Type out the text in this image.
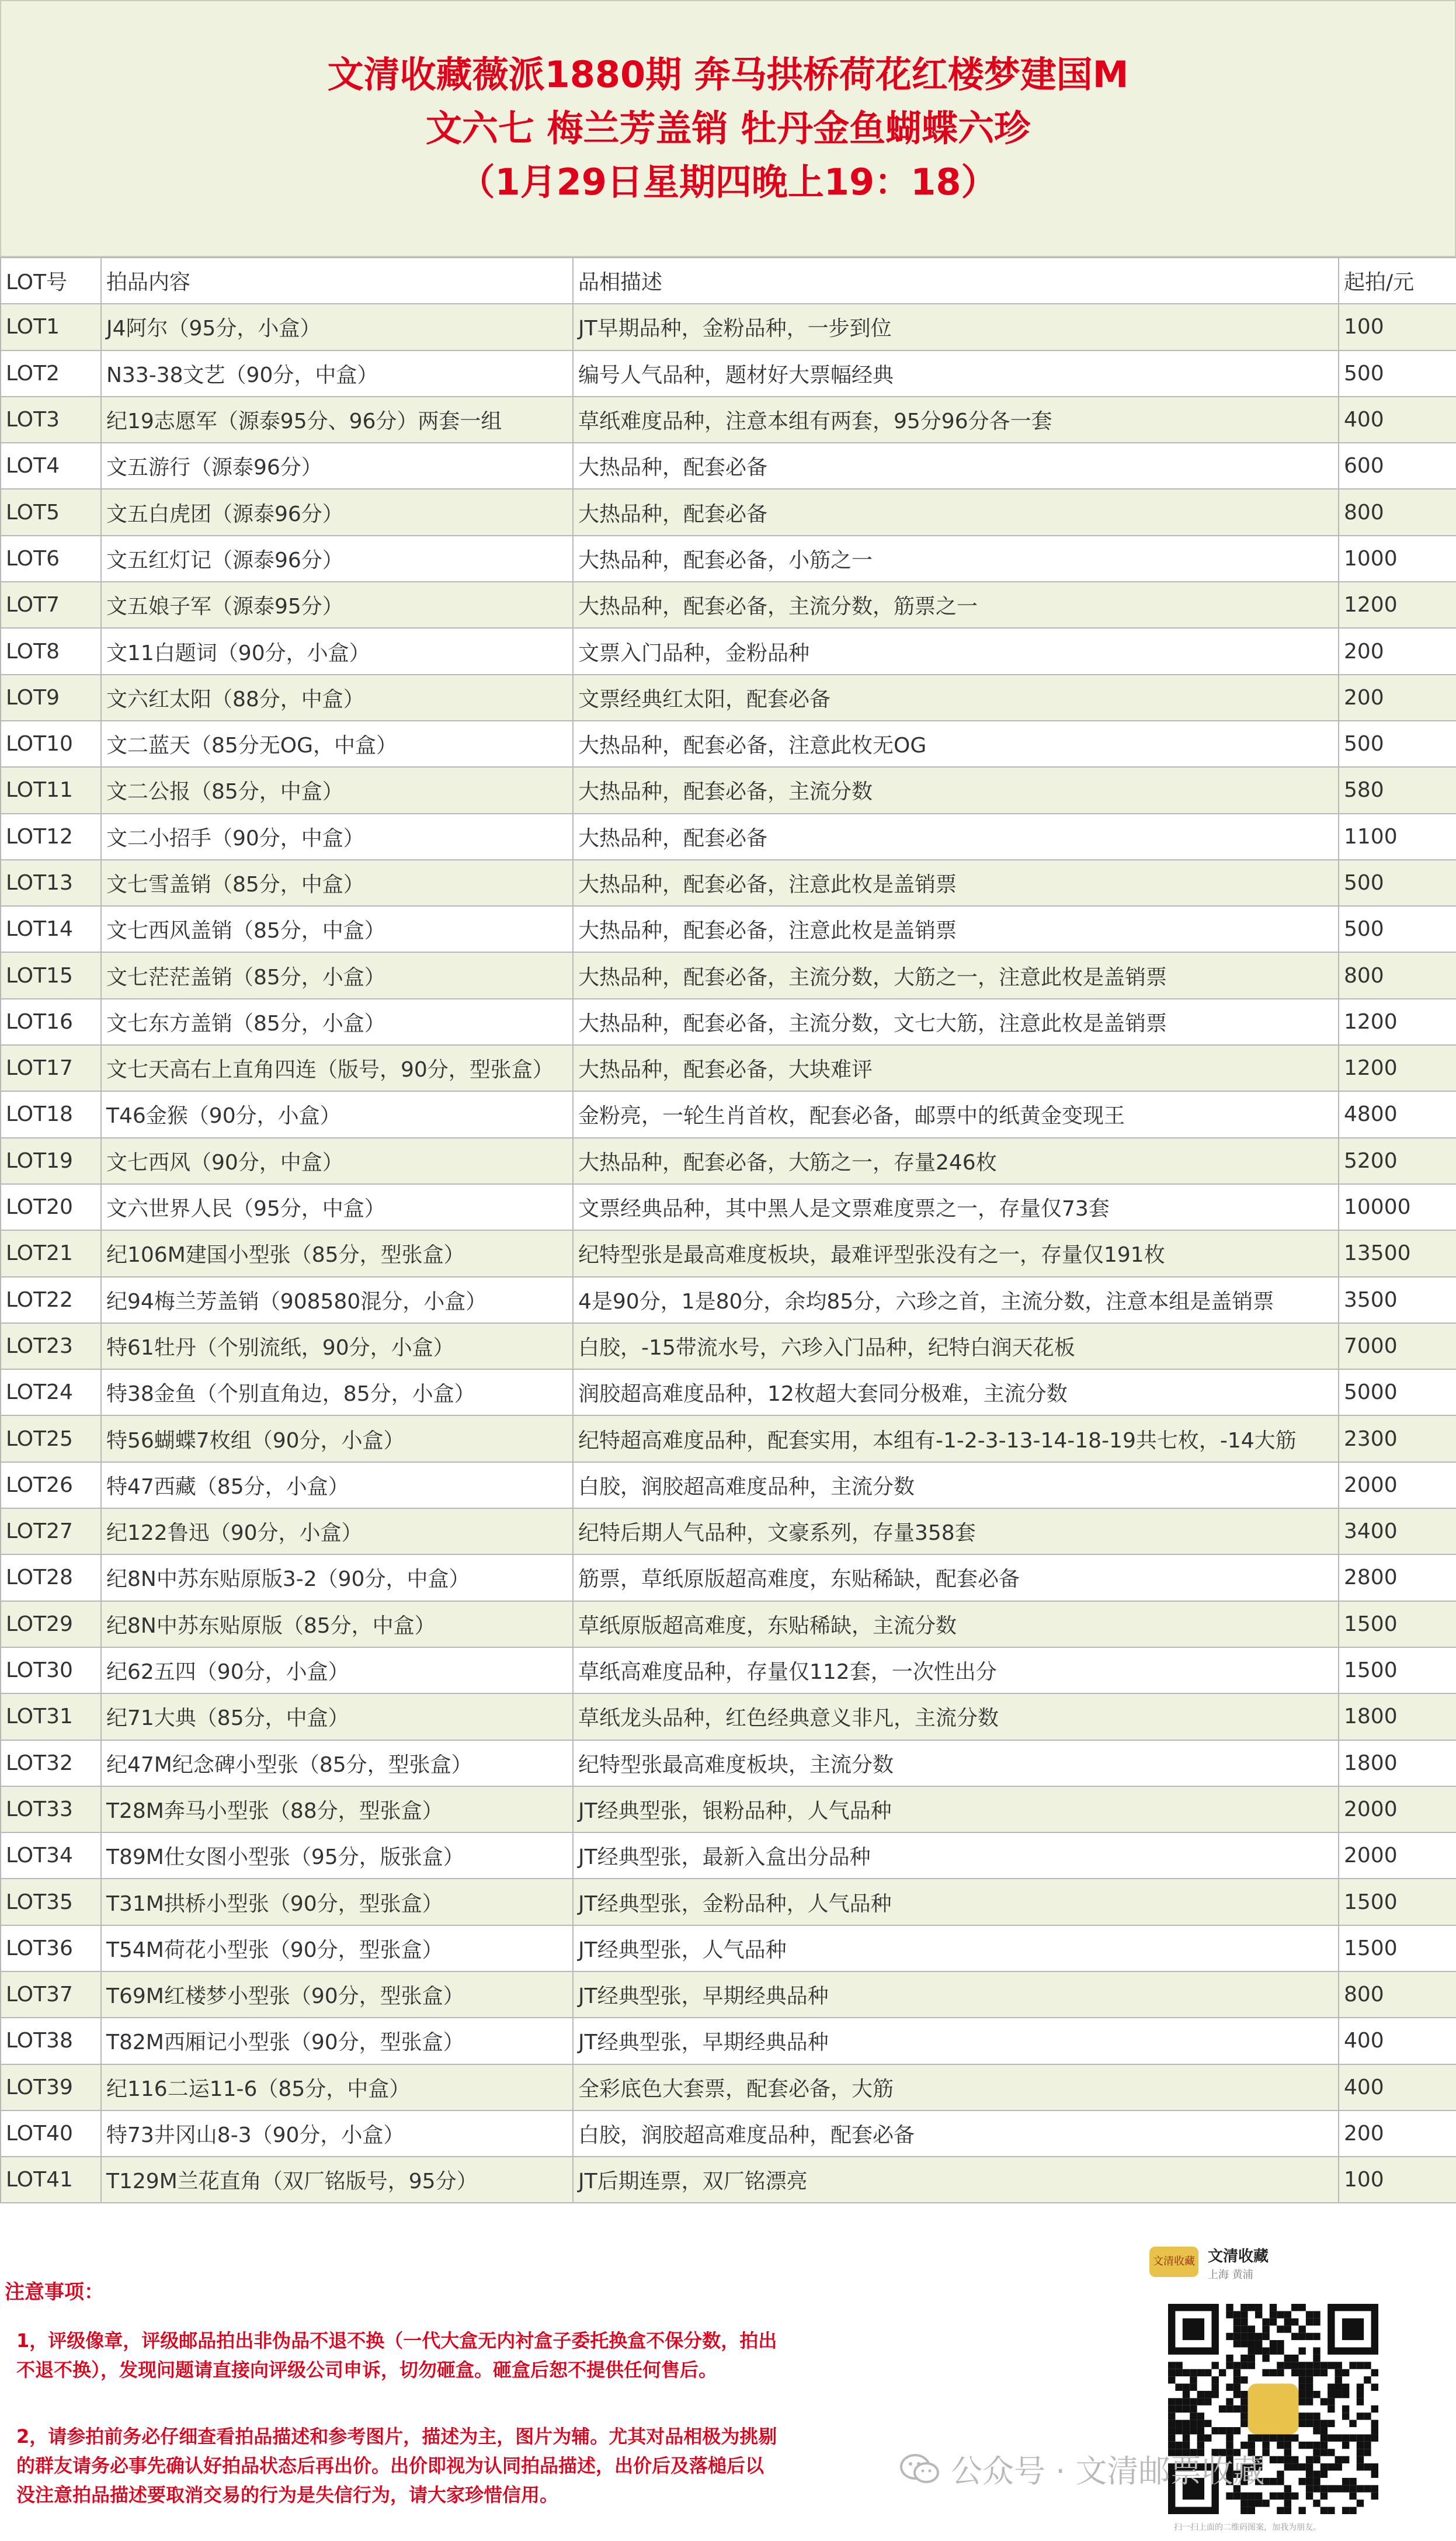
文清收藏薇派1880期 奔马拱桥荷花红楼梦建国M
文六七 梅兰芳盖销 牡丹金鱼蝴蝶六珍
（1月29日星期四晚上19：18）
LOT号	拍品内容	品相描述	起拍/元
LOT1	J4阿尔（95分，小盒）	JT早期品种，金粉品种，一步到位	100
LOT2	N33-38文艺（90分，中盒）	编号人气品种，题材好大票幅经典	500
LOT3	纪19志愿军（源泰95分、96分）两套一组	草纸难度品种，注意本组有两套，95分96分各一套	400
LOT4	文五游行（源泰96分）	大热品种，配套必备	600
LOT5	文五白虎团（源泰96分）	大热品种，配套必备	800
LOT6	文五红灯记（源泰96分）	大热品种，配套必备，小筋之一	1000
LOT7	文五娘子军（源泰95分）	大热品种，配套必备，主流分数，筋票之一	1200
LOT8	文11白题词（90分，小盒）	文票入门品种，金粉品种	200
LOT9	文六红太阳（88分，中盒）	文票经典红太阳，配套必备	200
LOT10	文二蓝天（85分无OG，中盒）	大热品种，配套必备，注意此枚无OG	500
LOT11	文二公报（85分，中盒）	大热品种，配套必备，主流分数	580
LOT12	文二小招手（90分，中盒）	大热品种，配套必备	1100
LOT13	文七雪盖销（85分，中盒）	大热品种，配套必备，注意此枚是盖销票	500
LOT14	文七西风盖销（85分，中盒）	大热品种，配套必备，注意此枚是盖销票	500
LOT15	文七茫茫盖销（85分，小盒）	大热品种，配套必备，主流分数，大筋之一，注意此枚是盖销票	800
LOT16	文七东方盖销（85分，小盒）	大热品种，配套必备，主流分数，文七大筋，注意此枚是盖销票	1200
LOT17	文七天高右上直角四连（版号，90分，型张盒）	大热品种，配套必备，大块难评	1200
LOT18	T46金猴（90分，小盒）	金粉亮，一轮生肖首枚，配套必备，邮票中的纸黄金变现王	4800
LOT19	文七西风（90分，中盒）	大热品种，配套必备，大筋之一，存量246枚	5200
LOT20	文六世界人民（95分，中盒）	文票经典品种，其中黑人是文票难度票之一，存量仅73套	10000
LOT21	纪106M建国小型张（85分，型张盒）	纪特型张是最高难度板块，最难评型张没有之一，存量仅191枚	13500
LOT22	纪94梅兰芳盖销（908580混分，小盒）	4是90分，1是80分，余均85分，六珍之首，主流分数，注意本组是盖销票	3500
LOT23	特61牡丹（个别流纸，90分，小盒）	白胶，-15带流水号，六珍入门品种，纪特白润天花板	7000
LOT24	特38金鱼（个别直角边，85分，小盒）	润胶超高难度品种，12枚超大套同分极难，主流分数	5000
LOT25	特56蝴蝶7枚组（90分，小盒）	纪特超高难度品种，配套实用，本组有-1-2-3-13-14-18-19共七枚，-14大筋	2300
LOT26	特47西藏（85分，小盒）	白胶，润胶超高难度品种，主流分数	2000
LOT27	纪122鲁迅（90分，小盒）	纪特后期人气品种，文豪系列，存量358套	3400
LOT28	纪8N中苏东贴原版3-2（90分，中盒）	筋票，草纸原版超高难度，东贴稀缺，配套必备	2800
LOT29	纪8N中苏东贴原版（85分，中盒）	草纸原版超高难度，东贴稀缺，主流分数	1500
LOT30	纪62五四（90分，小盒）	草纸高难度品种，存量仅112套，一次性出分	1500
LOT31	纪71大典（85分，中盒）	草纸龙头品种，红色经典意义非凡，主流分数	1800
LOT32	纪47M纪念碑小型张（85分，型张盒）	纪特型张最高难度板块，主流分数	1800
LOT33	T28M奔马小型张（88分，型张盒）	JT经典型张，银粉品种，人气品种	2000
LOT34	T89M仕女图小型张（95分，版张盒）	JT经典型张，最新入盒出分品种	2000
LOT35	T31M拱桥小型张（90分，型张盒）	JT经典型张，金粉品种，人气品种	1500
LOT36	T54M荷花小型张（90分，型张盒）	JT经典型张，人气品种	1500
LOT37	T69M红楼梦小型张（90分，型张盒）	JT经典型张，早期经典品种	800
LOT38	T82M西厢记小型张（90分，型张盒）	JT经典型张，早期经典品种	400
LOT39	纪116二运11-6（85分，中盒）	全彩底色大套票，配套必备，大筋	400
LOT40	特73井冈山8-3（90分，小盒）	白胶，润胶超高难度品种，配套必备	200
LOT41	T129M兰花直角（双厂铭版号，95分）	JT后期连票，双厂铭漂亮	100
注意事项：
1，评级像章，评级邮品拍出非伪品不退不换（一代大盒无内衬盒子委托换盒不保分数，拍出
不退不换），发现问题请直接向评级公司申诉，切勿砸盒。砸盒后恕不提供任何售后。
2，请参拍前务必仔细查看拍品描述和参考图片，描述为主，图片为辅。尤其对品相极为挑剔
的群友请务必事先确认好拍品状态后再出价。出价即视为认同拍品描述，出价后及落槌后以
没注意拍品描述要取消交易的行为是失信行为，请大家珍惜信用。
文清收藏 文清收藏
上海 黄浦
扫一扫上面的二维码图案，加我为朋友。
公众号 · 文清邮票收藏
